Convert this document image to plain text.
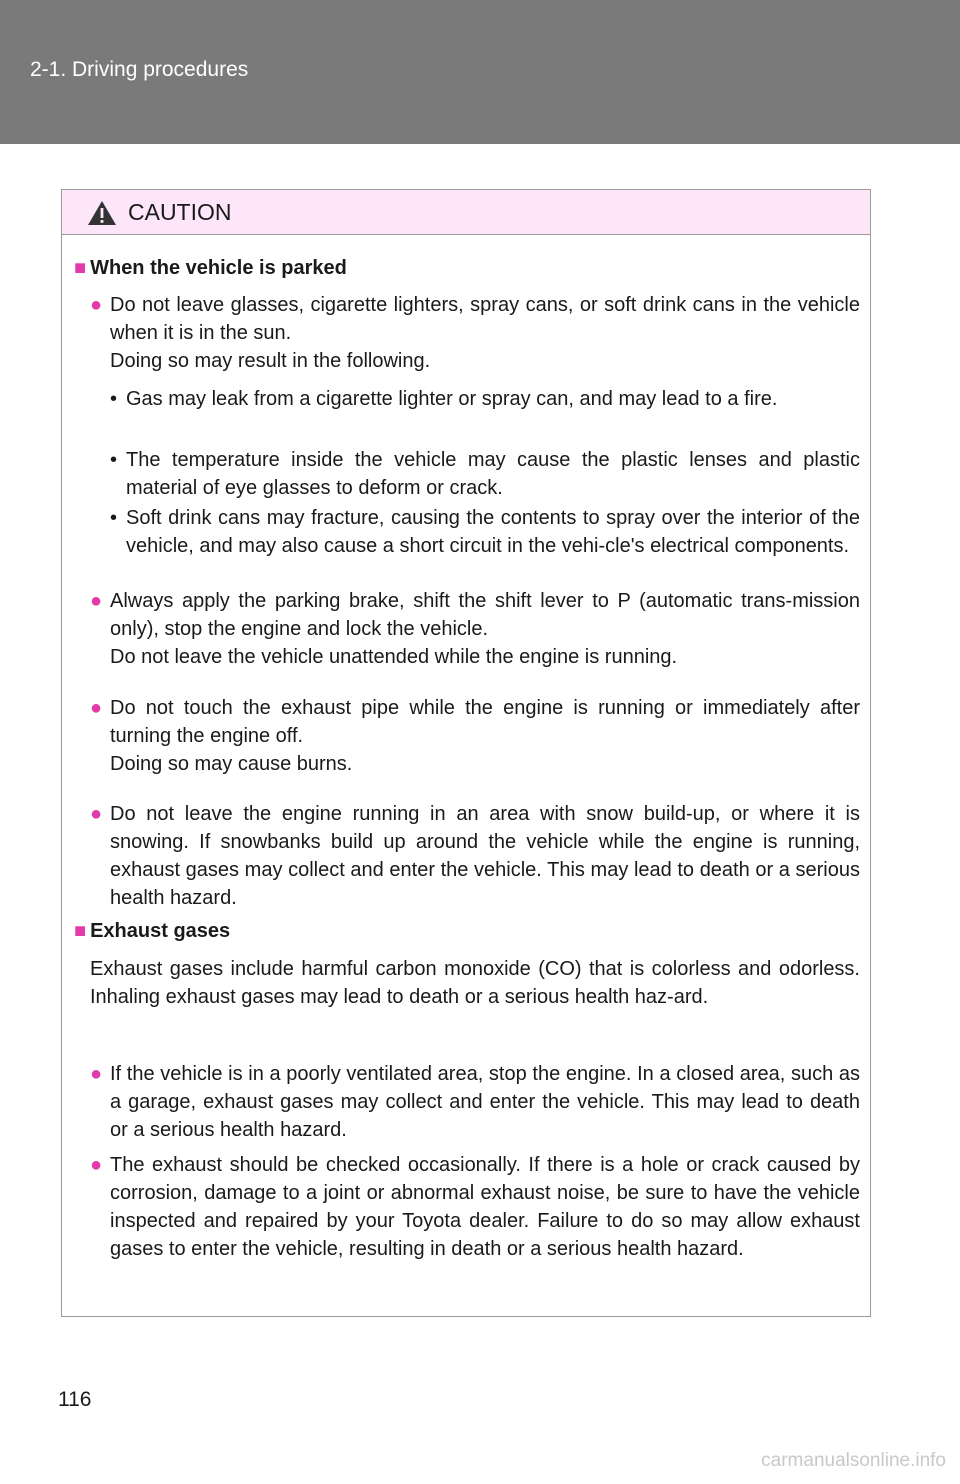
2-1. Driving procedures
CAUTION
■ When the vehicle is parked
● Do not leave glasses, cigarette lighters, spray cans, or soft drink cans in the vehicle when it is in the sun.
Doing so may result in the following.
• Gas may leak from a cigarette lighter or spray can, and may lead to a fire.
• The temperature inside the vehicle may cause the plastic lenses and plastic material of eye glasses to deform or crack.
• Soft drink cans may fracture, causing the contents to spray over the interior of the vehicle, and may also cause a short circuit in the vehi-cle's electrical components.
● Always apply the parking brake, shift the shift lever to P (automatic trans-mission only), stop the engine and lock the vehicle.
Do not leave the vehicle unattended while the engine is running.
● Do not touch the exhaust pipe while the engine is running or immediately after turning the engine off.
Doing so may cause burns.
● Do not leave the engine running in an area with snow build-up, or where it is snowing. If snowbanks build up around the vehicle while the engine is running, exhaust gases may collect and enter the vehicle. This may lead to death or a serious health hazard.
■ Exhaust gases
Exhaust gases include harmful carbon monoxide (CO) that is colorless and odorless. Inhaling exhaust gases may lead to death or a serious health haz-ard.
● If the vehicle is in a poorly ventilated area, stop the engine. In a closed area, such as a garage, exhaust gases may collect and enter the vehicle. This may lead to death or a serious health hazard.
● The exhaust should be checked occasionally. If there is a hole or crack caused by corrosion, damage to a joint or abnormal exhaust noise, be sure to have the vehicle inspected and repaired by your Toyota dealer. Failure to do so may allow exhaust gases to enter the vehicle, resulting in death or a serious health hazard.
116
carmanualsonline.info
